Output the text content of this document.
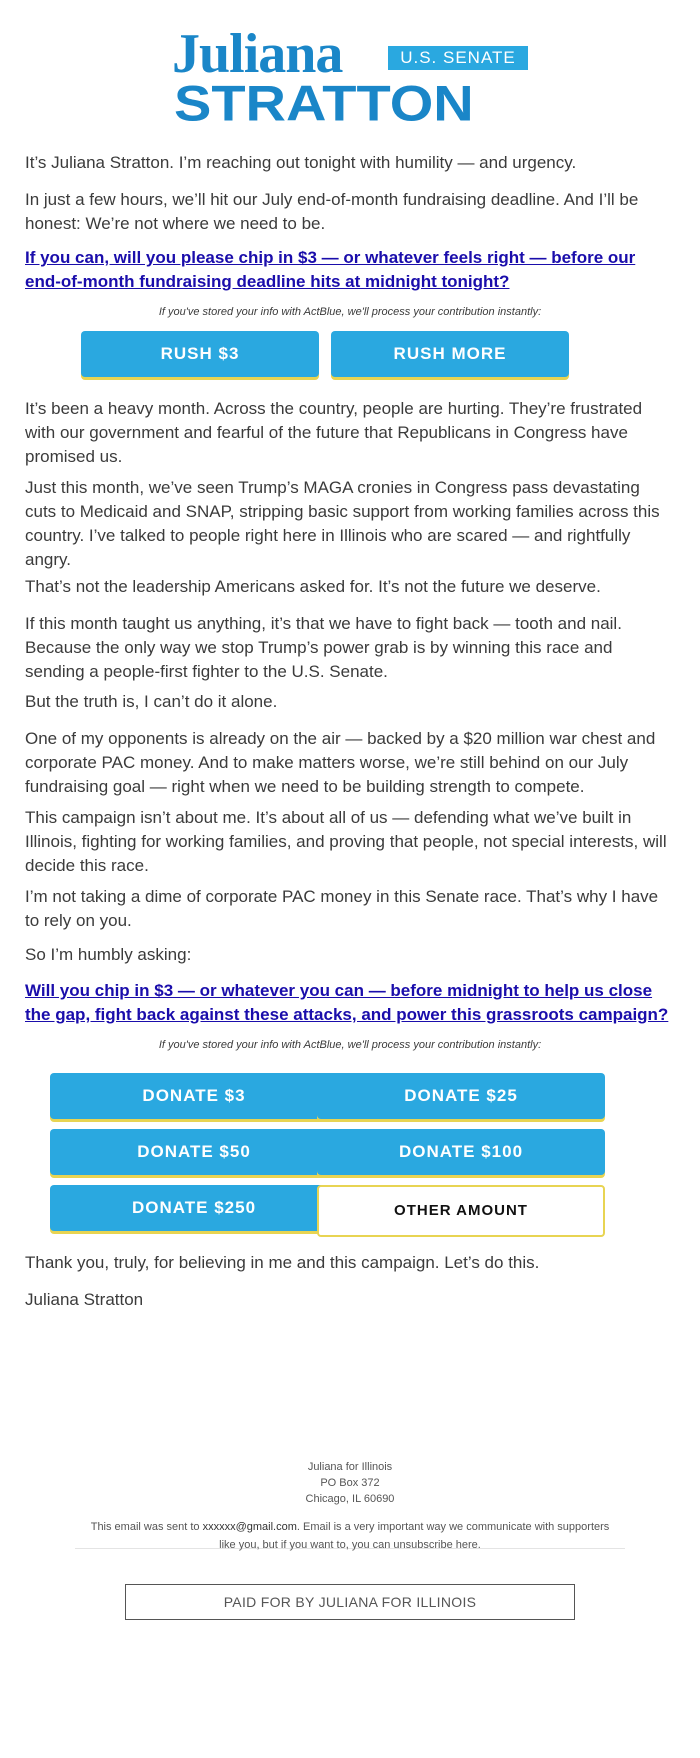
Juliana	U.S. SENATE
STRATTON

It’s Juliana Stratton. I’m reaching out tonight with humility — and urgency.

In just a few hours, we’ll hit our July end-of-month fundraising deadline. And I’ll be honest: We’re not where we need to be.

If you can, will you please chip in $3 — or whatever feels right — before our end-of-month fundraising deadline hits at midnight tonight?
If you've stored your info with ActBlue, we'll process your contribution instantly:
RUSH $3	RUSH MORE

It’s been a heavy month. Across the country, people are hurting. They’re frustrated with our government and fearful of the future that Republicans in Congress have promised us.

Just this month, we’ve seen Trump’s MAGA cronies in Congress pass devastating cuts to Medicaid and SNAP, stripping basic support from working families across this country. I’ve talked to people right here in Illinois who are scared — and rightfully angry.

That’s not the leadership Americans asked for. It’s not the future we deserve.

If this month taught us anything, it’s that we have to fight back — tooth and nail. Because the only way we stop Trump’s power grab is by winning this race and sending a people-first fighter to the U.S. Senate.

But the truth is, I can’t do it alone.

One of my opponents is already on the air — backed by a $20 million war chest and corporate PAC money. And to make matters worse, we’re still behind on our July fundraising goal — right when we need to be building strength to compete.

This campaign isn’t about me. It’s about all of us — defending what we’ve built in Illinois, fighting for working families, and proving that people, not special interests, will decide this race.

I’m not taking a dime of corporate PAC money in this Senate race. That’s why I have to rely on you.

So I’m humbly asking:

Will you chip in $3 — or whatever you can — before midnight to help us close the gap, fight back against these attacks, and power this grassroots campaign?
If you've stored your info with ActBlue, we'll process your contribution instantly:
DONATE $3	DONATE $25
DONATE $50	DONATE $100
DONATE $250	OTHER AMOUNT

Thank you, truly, for believing in me and this campaign. Let’s do this.

Juliana Stratton

PAID FOR BY JULIANA FOR ILLINOIS
Juliana for Illinois
PO Box 372
Chicago, IL 60690
This email was sent to xxxxxx@gmail.com. Email is a very important way we communicate with supporters like you, but if you want to, you can unsubscribe here.
